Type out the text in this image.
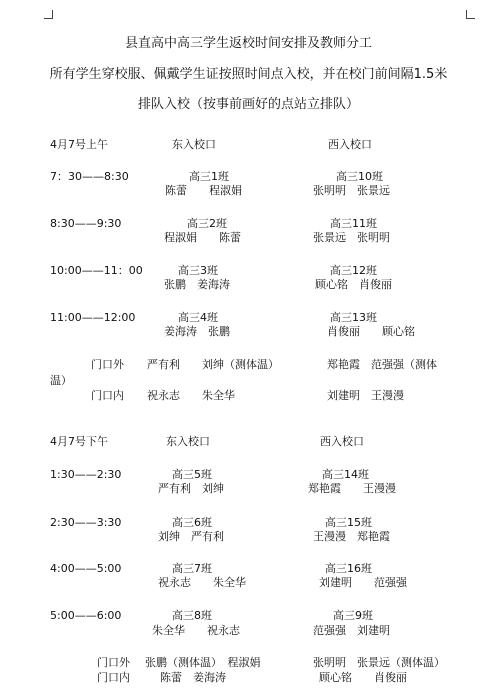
县直高中高三学生返校时间安排及教师分工
所有学生穿校服、佩戴学生证按照时间点入校，并在校门前间隔1.5米
排队入校（按事前画好的点站立排队）
4月7号上午	东入校口	西入校口
7：30——8:30	高三1班	高三10班
陈蕾　　程淑娟	张明明　张景远
8:30——9:30	高三2班	高三11班
程淑娟　　陈蕾	张景远　张明明
10:00——11：00	高三3班	高三12班
张鹏　姜海涛	顾心铭　肖俊丽
11:00——12:00	高三4班	高三13班
姜海涛　张鹏	肖俊丽　　顾心铭
门口外 严有利　　刘绅（测体温）	郑艳霞　范强强（测体
温）
门口内 祝永志　　朱全华	刘建明　王漫漫
4月7号下午	东入校口	西入校口
1:30——2:30	高三5班	高三14班
严有利　刘绅	郑艳霞　　王漫漫
2:30——3:30	高三6班	高三15班
刘绅　严有利	王漫漫　郑艳霞
4:00——5:00	高三7班	高三16班
祝永志　　朱全华	刘建明　　范强强
5:00——6:00	高三8班	高三9班
朱全华　　祝永志	范强强　刘建明
门口外 张鹏（测体温）　程淑娟	张明明　张景远（测体温）
门口内	陈蕾　姜海涛	顾心铭　　肖俊丽
